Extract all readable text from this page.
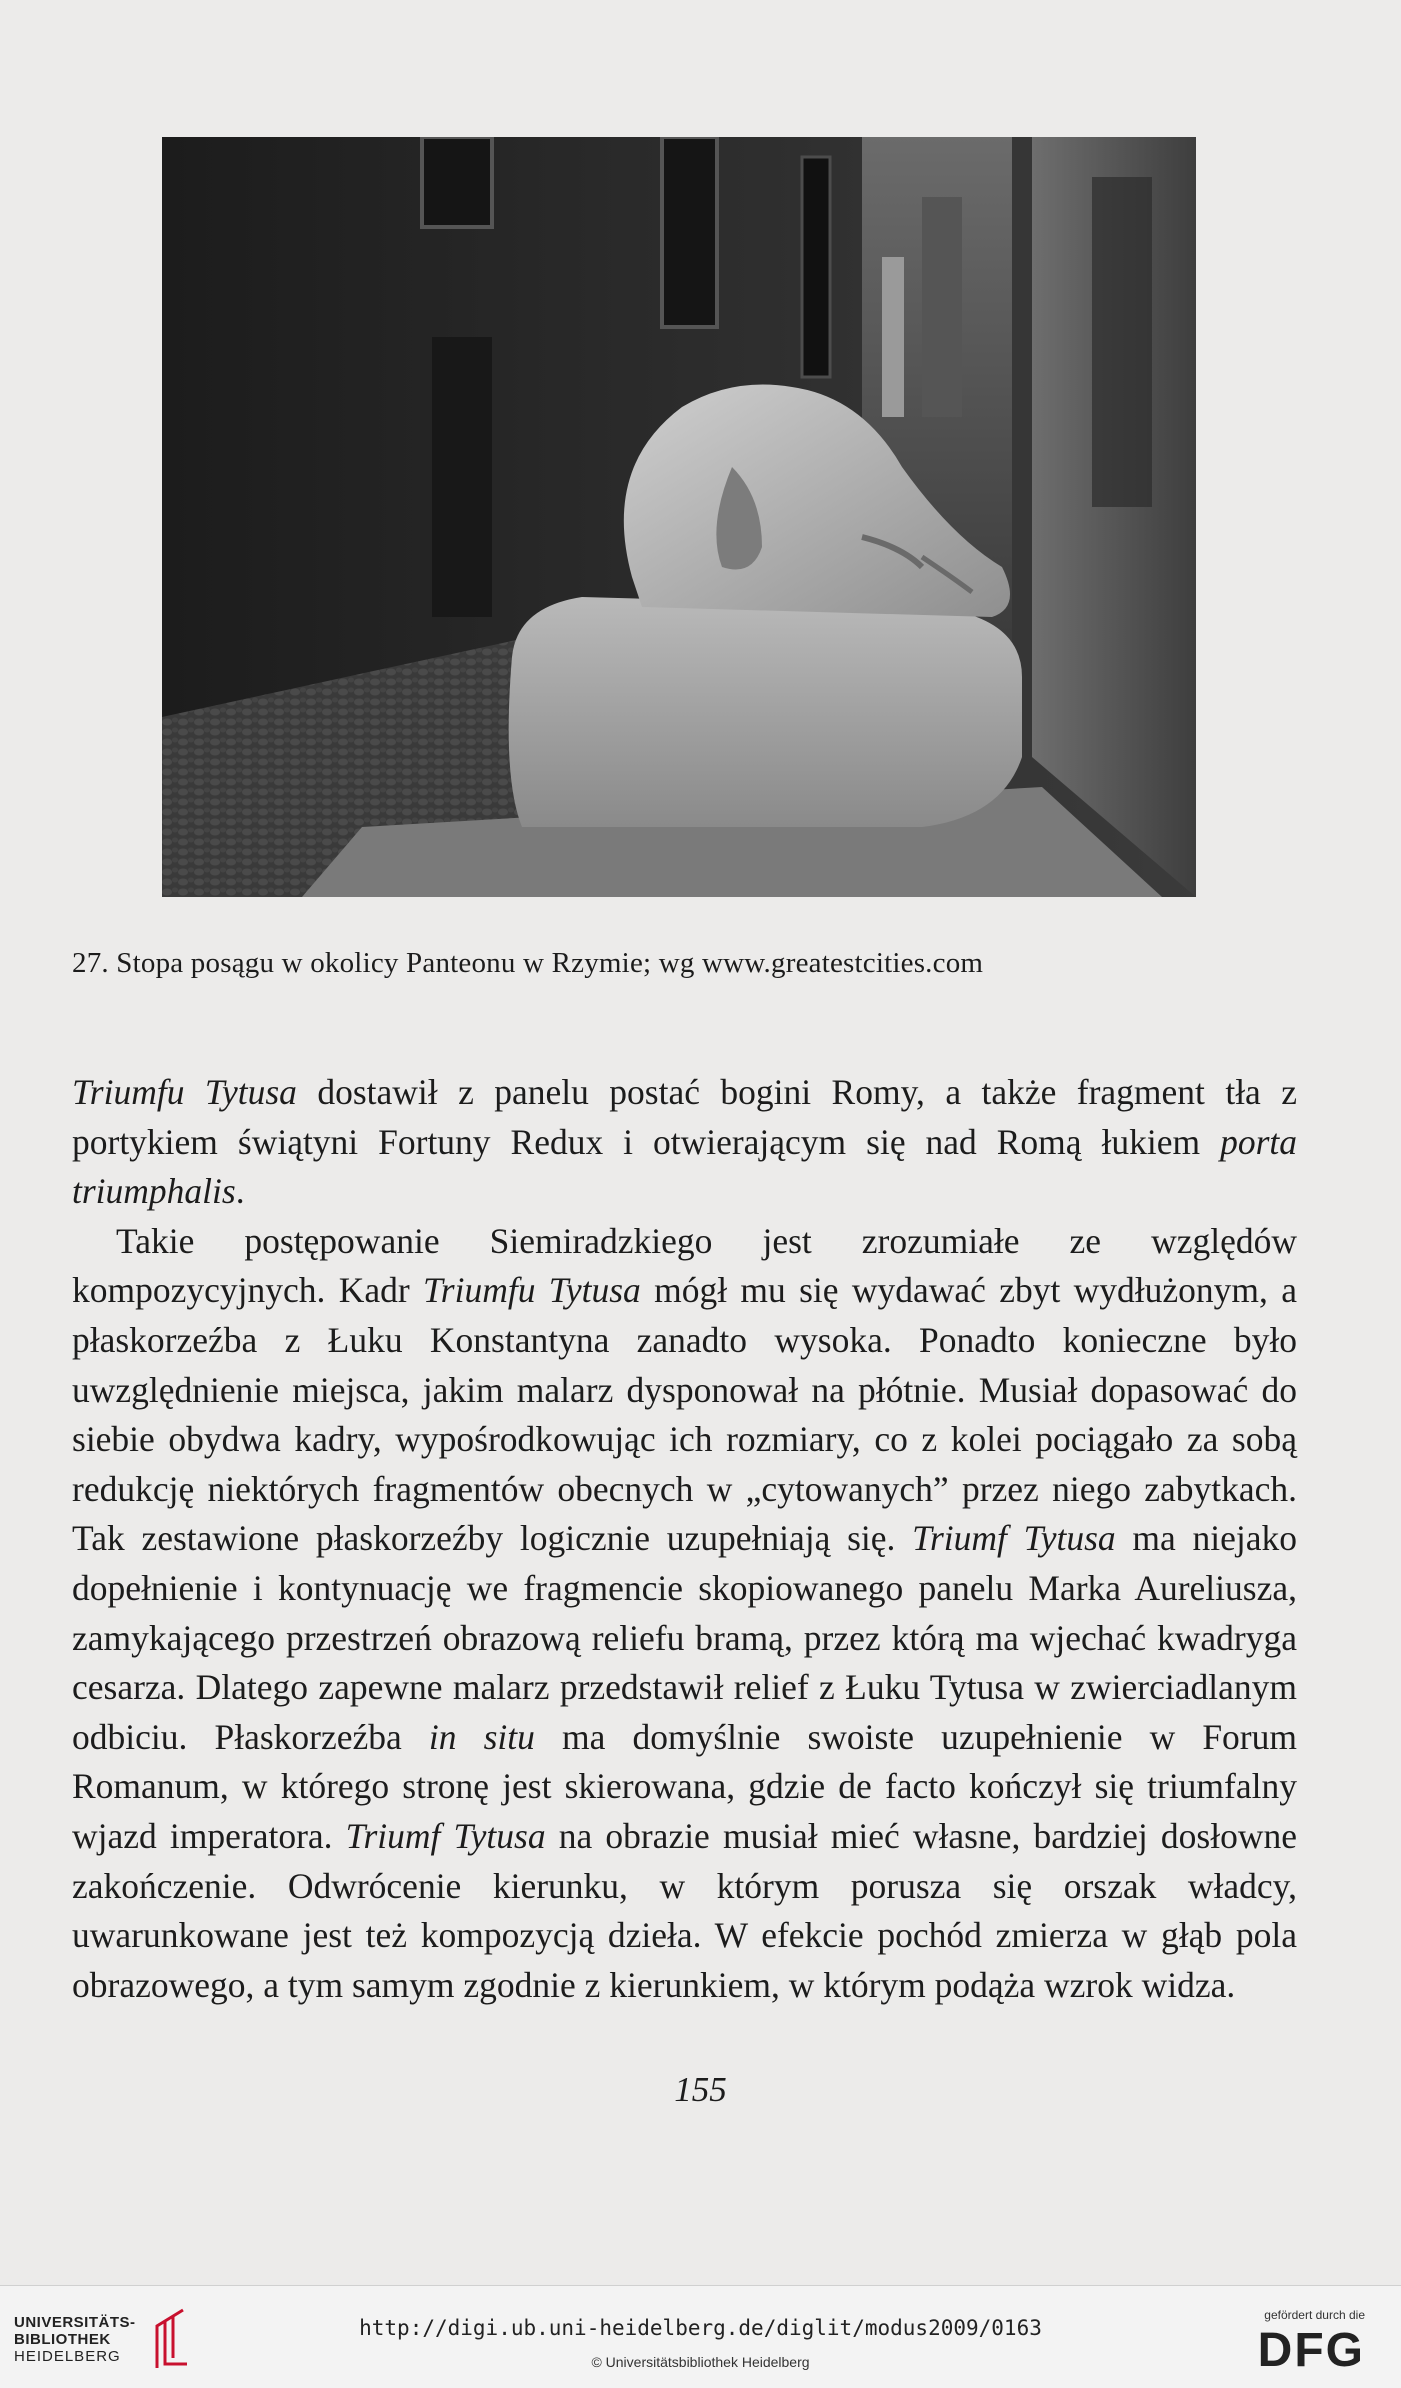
27. Stopa posągu w okolicy Panteonu w Rzymie; wg www.greatestcities.com

Triumfu Tytusa dostawił z panelu postać bogini Romy, a także fragment tła z portykiem świątyni Fortuny Redux i otwierającym się nad Romą łukiem porta triumphalis.

Takie postępowanie Siemiradzkiego jest zrozumiałe ze względów kompozycyjnych. Kadr Triumfu Tytusa mógł mu się wydawać zbyt wydłużonym, a płaskorzeźba z Łuku Konstantyna zanadto wysoka. Ponadto konieczne było uwzględnienie miejsca, jakim malarz dysponował na płótnie. Musiał dopasować do siebie obydwa kadry, wypośrodkowując ich rozmiary, co z kolei pociągało za sobą redukcję niektórych fragmentów obecnych w „cytowanych” przez niego zabytkach. Tak zestawione płaskorzeźby logicznie uzupełniają się. Triumf Tytusa ma niejako dopełnienie i kontynuację we fragmencie skopiowanego panelu Marka Aureliusza, zamykającego przestrzeń obrazową reliefu bramą, przez którą ma wjechać kwadryga cesarza. Dlatego zapewne malarz przedstawił relief z Łuku Tytusa w zwierciadlanym odbiciu. Płaskorzeźba in situ ma domyślnie swoiste uzupełnienie w Forum Romanum, w którego stronę jest skierowana, gdzie de facto kończył się triumfalny wjazd imperatora. Triumf Tytusa na obrazie musiał mieć własne, bardziej dosłowne zakończenie. Odwrócenie kierunku, w którym porusza się orszak władcy, uwarunkowane jest też kompozycją dzieła. W efekcie pochód zmierza w głąb pola obrazowego, a tym samym zgodnie z kierunkiem, w którym podąża wzrok widza.

155
UNIVERSITÄTS-
BIBLIOTHEK
HEIDELBERG
http://digi.ub.uni-heidelberg.de/diglit/modus2009/0163
© Universitätsbibliothek Heidelberg
gefördert durch die
DFG
